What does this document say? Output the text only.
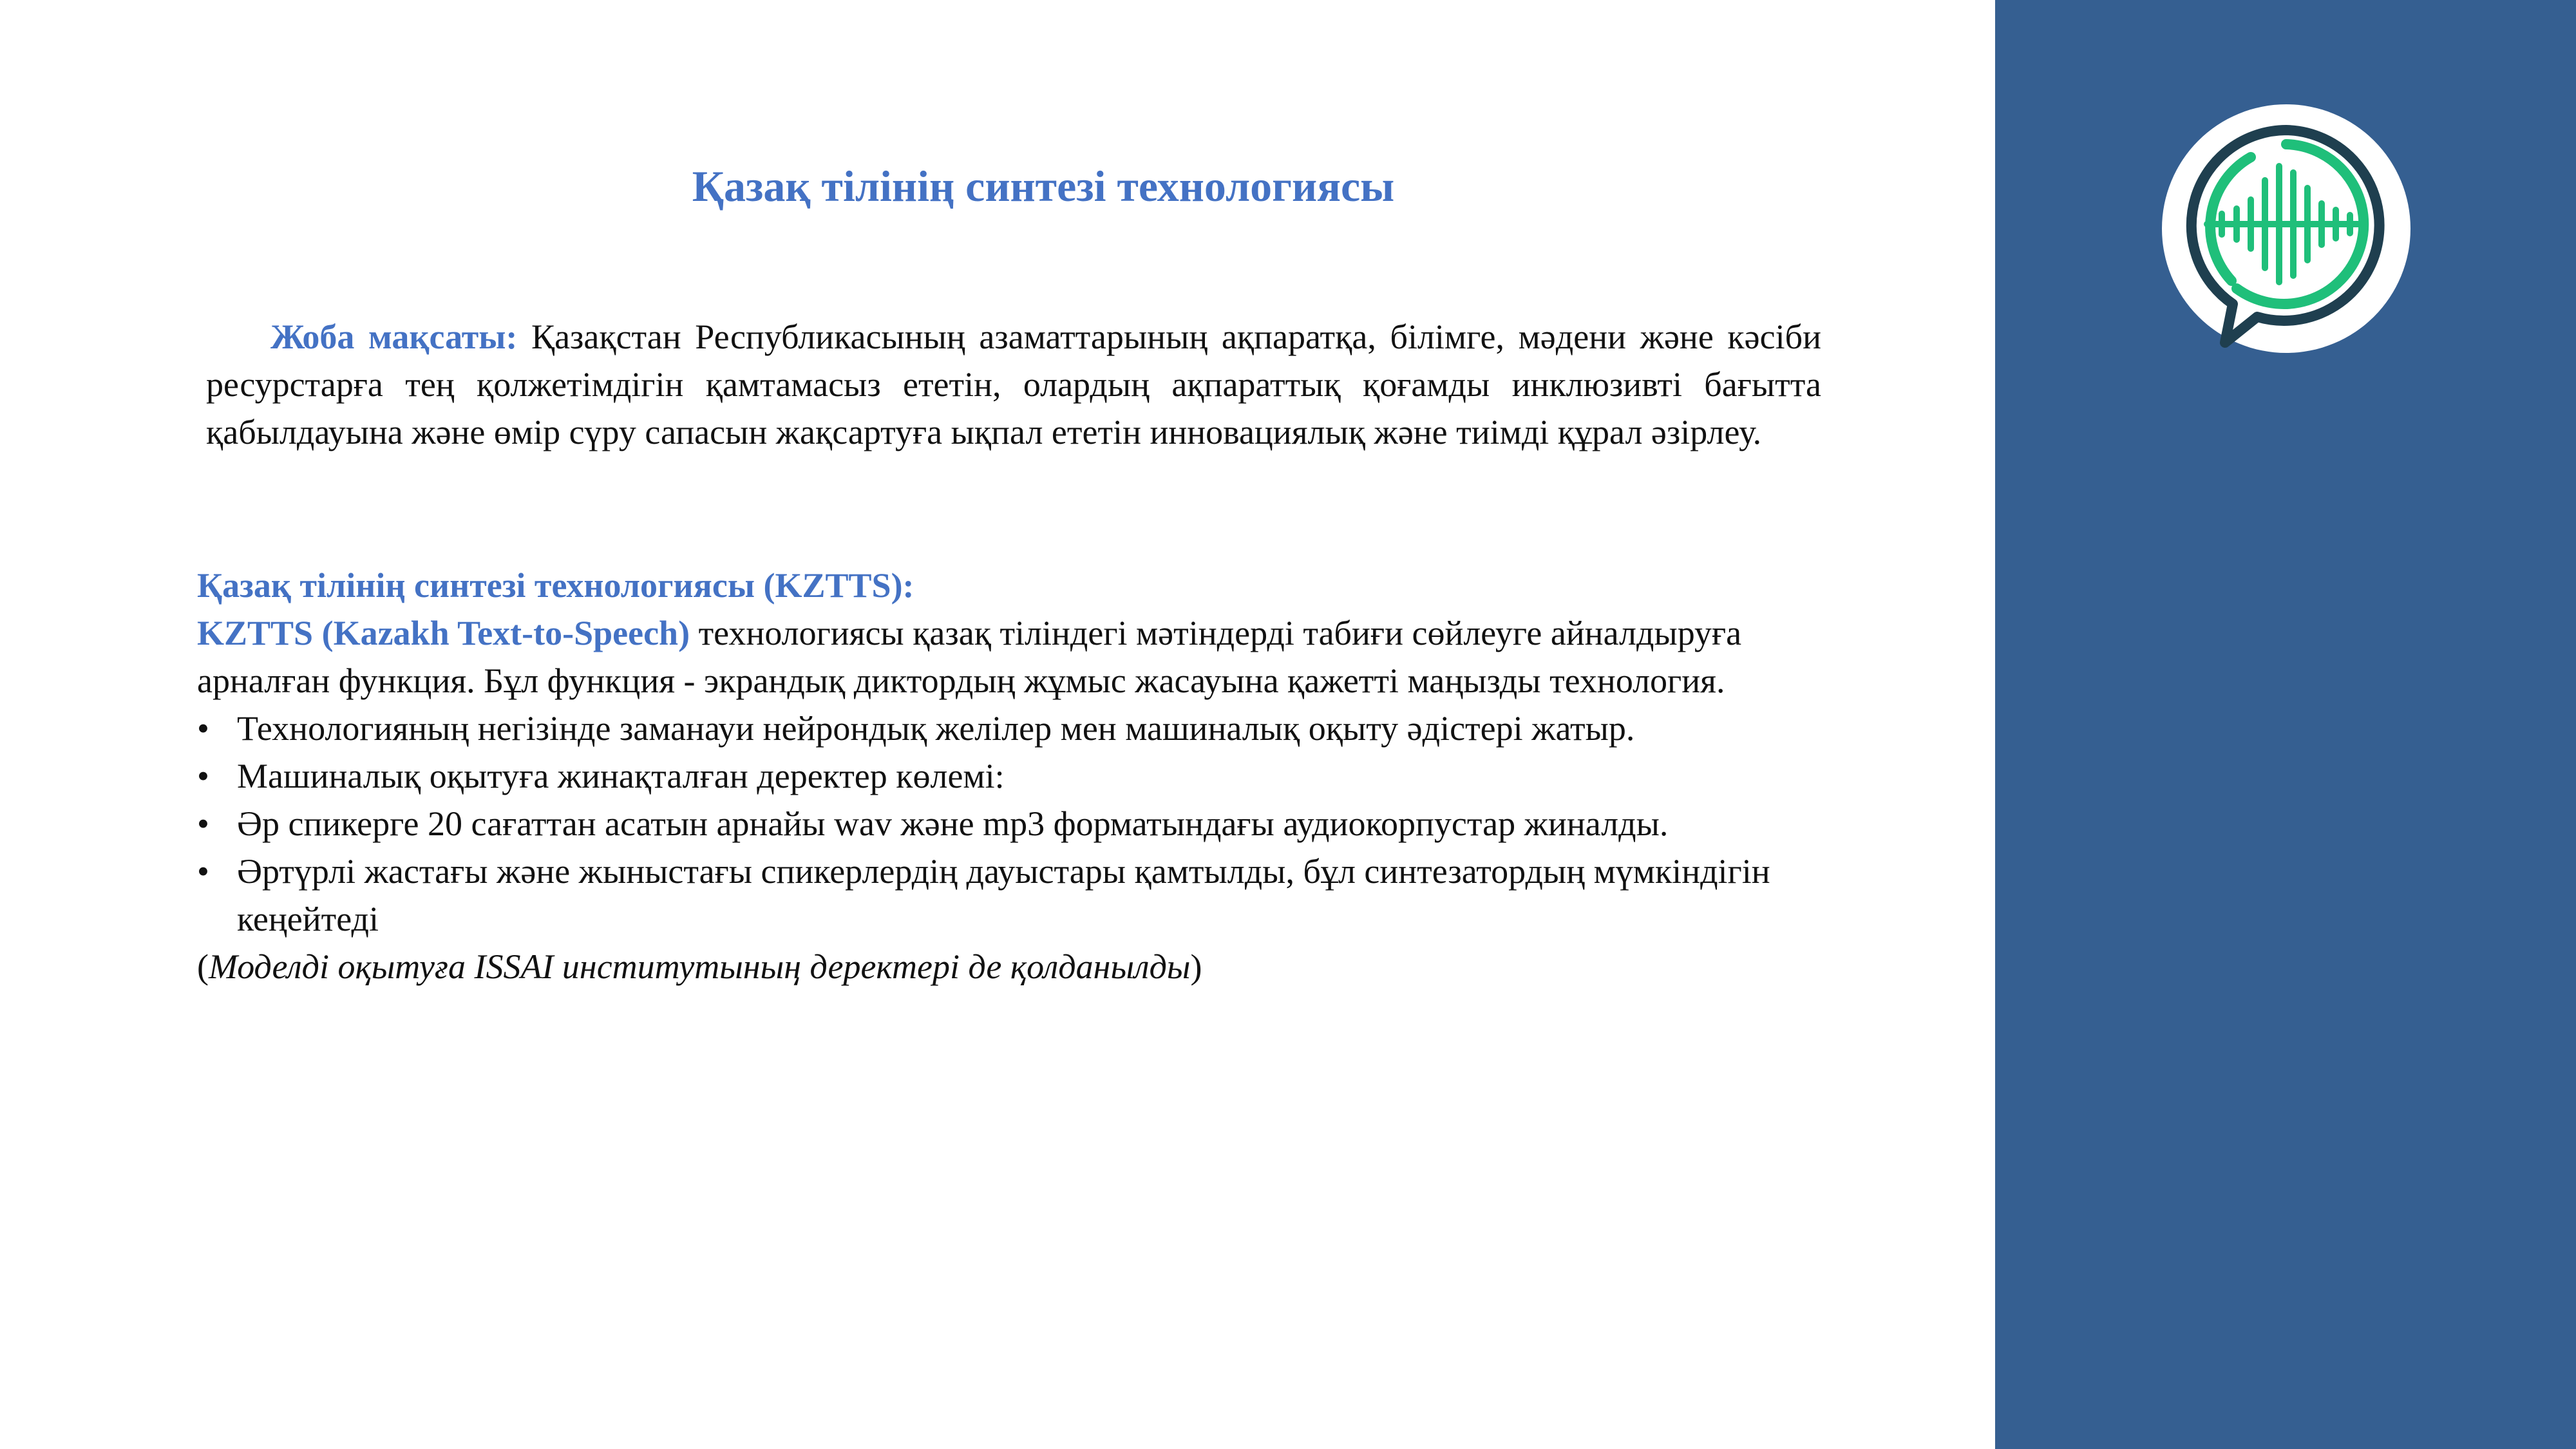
Қазақ тілінің синтезі технологиясы

Жоба мақсаты: Қазақстан Республикасының азаматтарының ақпаратқа, білімге, мәдени және кәсіби ресурстарға тең қолжетімдігін қамтамасыз ететін, олардың ақпараттық қоғамды инклюзивті бағытта қабылдауына және өмір сүру сапасын жақсартуға ықпал ететін инновациялық және тиімді құрал әзірлеу.

Қазақ тілінің синтезі технологиясы (KZTTS):

KZTTS (Kazakh Text-to-Speech) технологиясы қазақ тіліндегі мәтіндерді табиғи сөйлеуге айналдыруға арналған функция. Бұл функция - экрандық диктордың жұмыс жасауына қажетті маңызды технология.

• Технологияның негізінде заманауи нейрондық желілер мен машиналық оқыту әдістері жатыр.
• Машиналық оқытуға жинақталған деректер көлемі:
• Әр спикерге 20 сағаттан асатын арнайы wav және mp3 форматындағы аудиокорпустар жиналды.
• Әртүрлі жастағы және жыныстағы спикерлердің дауыстары қамтылды, бұл синтезатордың мүмкіндігін кеңейтеді

(Моделді оқытуға ISSAI институтының деректері де қолданылды)
